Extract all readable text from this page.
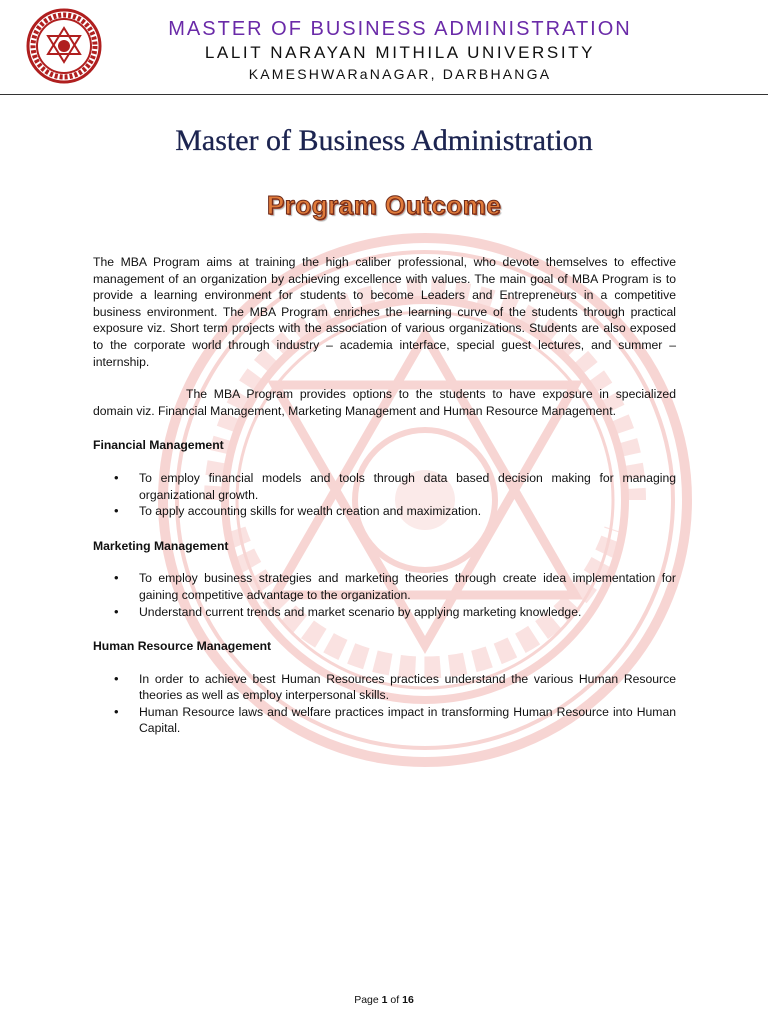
MASTER OF BUSINESS ADMINISTRATION
LALIT NARAYAN MITHILA UNIVERSITY
KAMESHWARaNAGAR, DARBHANGA
Master of Business Administration
Program Outcome

The MBA Program aims at training the high caliber professional, who devote themselves to effective management of an organization by achieving excellence with values. The main goal of MBA Program is to provide a learning environment for students to become Leaders and Entrepreneurs in a competitive business environment. The MBA Program enriches the learning curve of the students through practical exposure viz. Short term projects with the association of various organizations. Students are also exposed to the corporate world through industry – academia interface, special guest lectures, and summer – internship.

The MBA Program provides options to the students to have exposure in specialized domain viz. Financial Management, Marketing Management and Human Resource Management.

Financial Management
• To employ financial models and tools through data based decision making for managing organizational growth.
• To apply accounting skills for wealth creation and maximization.
Marketing Management
• To employ business strategies and marketing theories through create idea implementation for gaining competitive advantage to the organization.
• Understand current trends and market scenario by applying marketing knowledge.
Human Resource Management
• In order to achieve best Human Resources practices understand the various Human Resource theories as well as employ interpersonal skills.
• Human Resource laws and welfare practices impact in transforming Human Resource into Human Capital.
Page 1 of 16
